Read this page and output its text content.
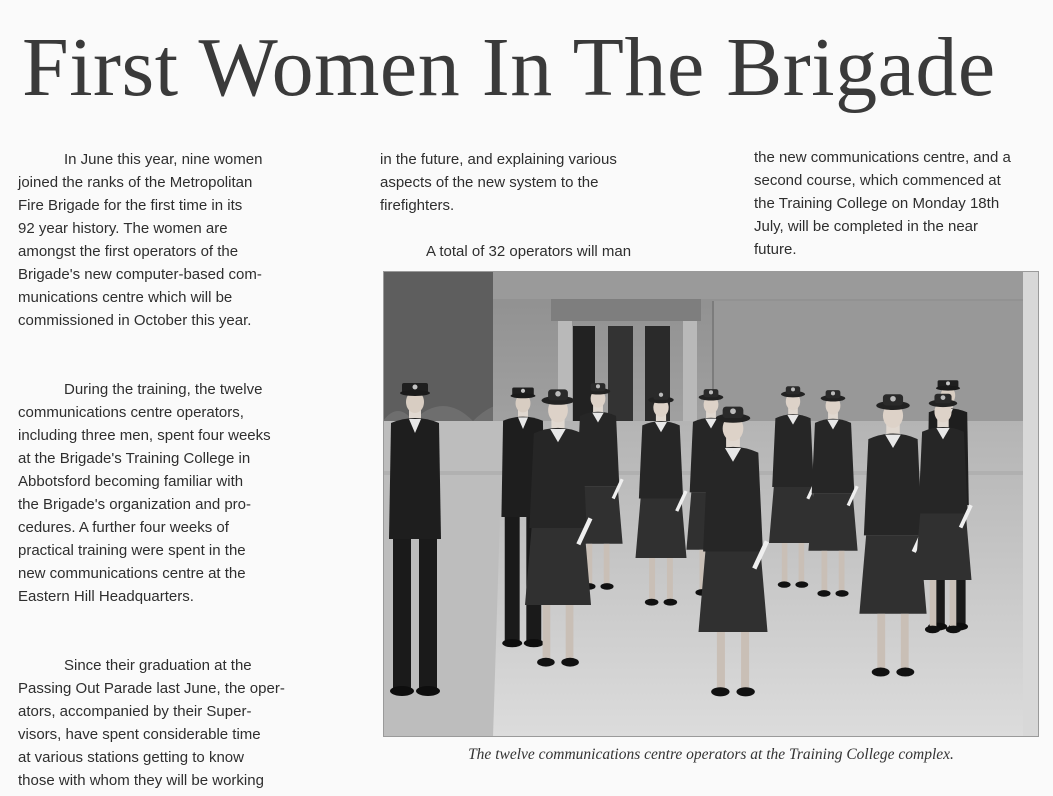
First Women In The Brigade

In June this year, nine women

joined the ranks of the Metropolitan

Fire Brigade for the first time in its

92 year history. The women are

amongst the first operators of the

Brigade's new computer-based com-

munications centre which will be

commissioned in October this year.

During the training, the twelve

communications centre operators,

including three men, spent four weeks

at the Brigade's Training College in

Abbotsford becoming familiar with

the Brigade's organization and pro-

cedures. A further four weeks of

practical training were spent in the

new communications centre at the

Eastern Hill Headquarters.

Since their graduation at the

Passing Out Parade last June, the oper-

ators, accompanied by their Super-

visors, have spent considerable time

at various stations getting to know

those with whom they will be working

in the future, and explaining various

aspects of the new system to the

firefighters.

A total of 32 operators will man

the new communications centre, and a

second course, which commenced at

the Training College on Monday 18th

July, will be completed in the near

future.

The twelve communications centre operators at the Training College complex.
